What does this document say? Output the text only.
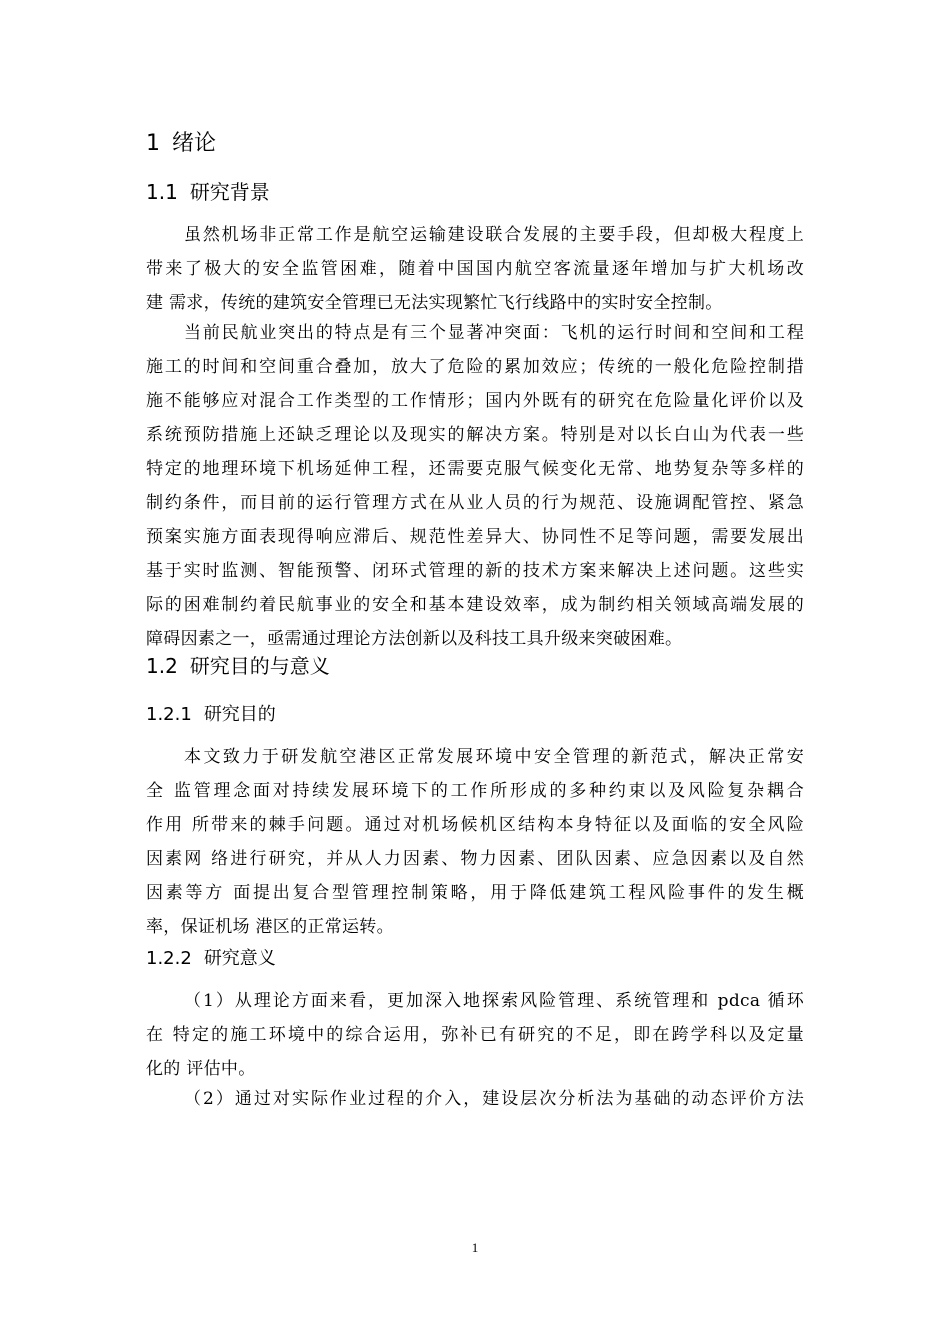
1 绪论
1.1 研究背景
虽然机场非正常工作是航空运输建设联合发展的主要手段，但却极大程度上
带来了极大的安全监管困难，随着中国国内航空客流量逐年增加与扩大机场改
建 需求，传统的建筑安全管理已无法实现繁忙飞行线路中的实时安全控制。
当前民航业突出的特点是有三个显著冲突面：飞机的运行时间和空间和工程
施工的时间和空间重合叠加，放大了危险的累加效应；传统的一般化危险控制措
施不能够应对混合工作类型的工作情形；国内外既有的研究在危险量化评价以及
系统预防措施上还缺乏理论以及现实的解决方案。特别是对以长白山为代表一些
特定的地理环境下机场延伸工程，还需要克服气候变化无常、地势复杂等多样的
制约条件，而目前的运行管理方式在从业人员的行为规范、设施调配管控、紧急
预案实施方面表现得响应滞后、规范性差异大、协同性不足等问题，需要发展出
基于实时监测、智能预警、闭环式管理的新的技术方案来解决上述问题。这些实
际的困难制约着民航事业的安全和基本建设效率，成为制约相关领域高端发展的
障碍因素之一，亟需通过理论方法创新以及科技工具升级来突破困难。
1.2 研究目的与意义
1.2.1 研究目的
本文致力于研发航空港区正常发展环境中安全管理的新范式，解决正常安
全 监管理念面对持续发展环境下的工作所形成的多种约束以及风险复杂耦合
作用 所带来的棘手问题。通过对机场候机区结构本身特征以及面临的安全风险
因素网 络进行研究，并从人力因素、物力因素、团队因素、应急因素以及自然
因素等方 面提出复合型管理控制策略，用于降低建筑工程风险事件的发生概
率，保证机场 港区的正常运转。
1.2.2 研究意义
（1）从理论方面来看，更加深入地探索风险管理、系统管理和 pdca 循环
在 特定的施工环境中的综合运用，弥补已有研究的不足，即在跨学科以及定量
化的 评估中。
（2）通过对实际作业过程的介入，建设层次分析法为基础的动态评价方法
1
